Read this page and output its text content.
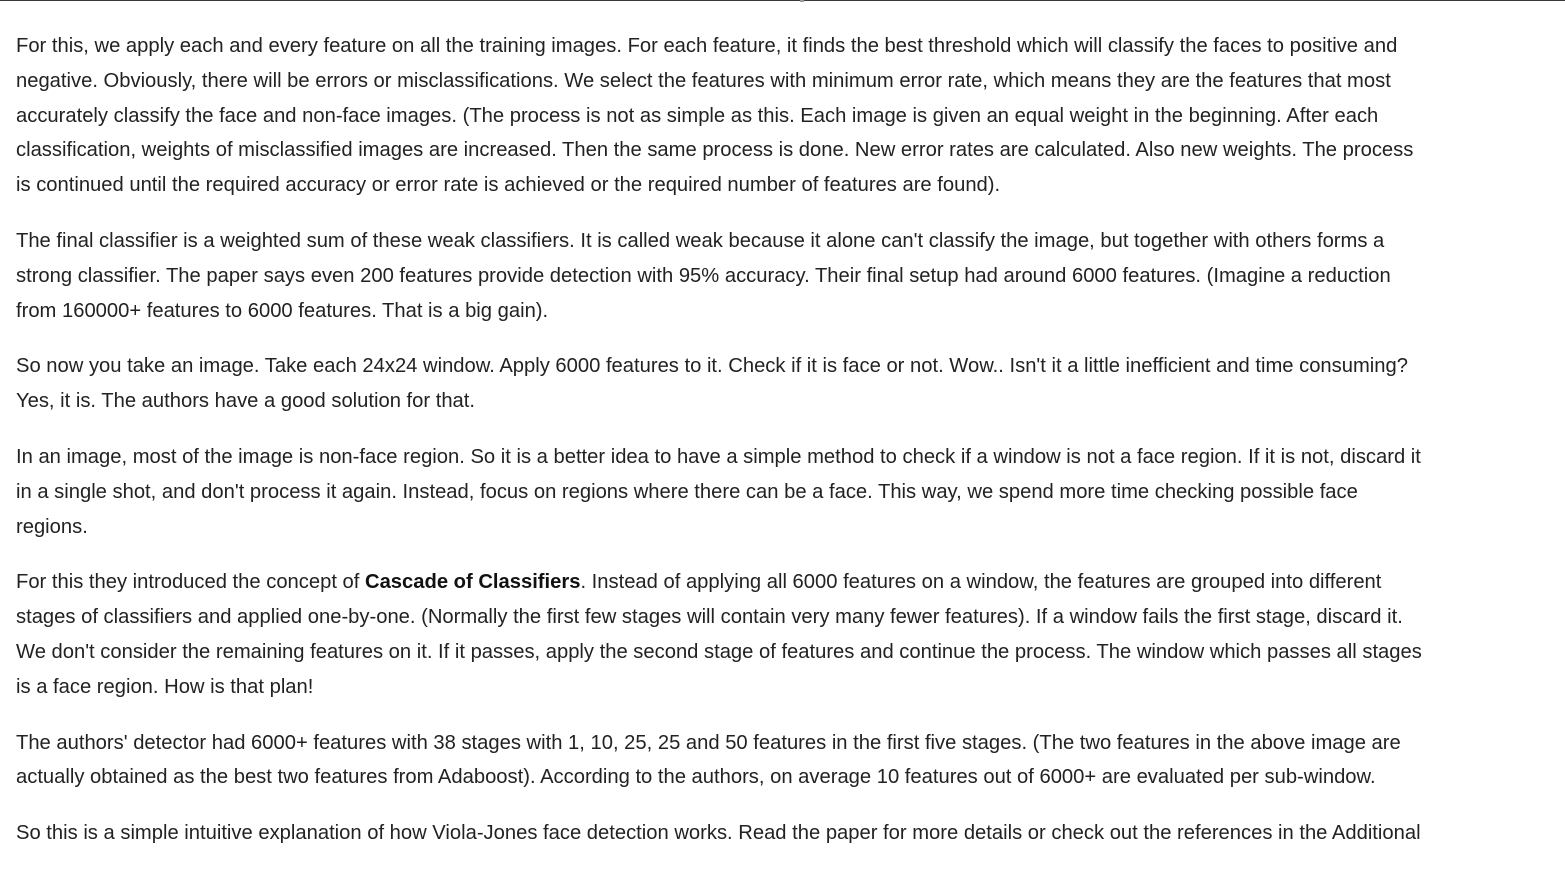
For this, we apply each and every feature on all the training images. For each feature, it finds the best threshold which will classify the faces to positive and
negative. Obviously, there will be errors or misclassifications. We select the features with minimum error rate, which means they are the features that most
accurately classify the face and non-face images. (The process is not as simple as this. Each image is given an equal weight in the beginning. After each
classification, weights of misclassified images are increased. Then the same process is done. New error rates are calculated. Also new weights. The process
is continued until the required accuracy or error rate is achieved or the required number of features are found).

The final classifier is a weighted sum of these weak classifiers. It is called weak because it alone can't classify the image, but together with others forms a
strong classifier. The paper says even 200 features provide detection with 95% accuracy. Their final setup had around 6000 features. (Imagine a reduction
from 160000+ features to 6000 features. That is a big gain).

So now you take an image. Take each 24x24 window. Apply 6000 features to it. Check if it is face or not. Wow.. Isn't it a little inefficient and time consuming?
Yes, it is. The authors have a good solution for that.

In an image, most of the image is non-face region. So it is a better idea to have a simple method to check if a window is not a face region. If it is not, discard it
in a single shot, and don't process it again. Instead, focus on regions where there can be a face. This way, we spend more time checking possible face
regions.

For this they introduced the concept of Cascade of Classifiers. Instead of applying all 6000 features on a window, the features are grouped into different
stages of classifiers and applied one-by-one. (Normally the first few stages will contain very many fewer features). If a window fails the first stage, discard it.
We don't consider the remaining features on it. If it passes, apply the second stage of features and continue the process. The window which passes all stages
is a face region. How is that plan!

The authors' detector had 6000+ features with 38 stages with 1, 10, 25, 25 and 50 features in the first five stages. (The two features in the above image are
actually obtained as the best two features from Adaboost). According to the authors, on average 10 features out of 6000+ are evaluated per sub-window.

So this is a simple intuitive explanation of how Viola-Jones face detection works. Read the paper for more details or check out the references in the Additional
